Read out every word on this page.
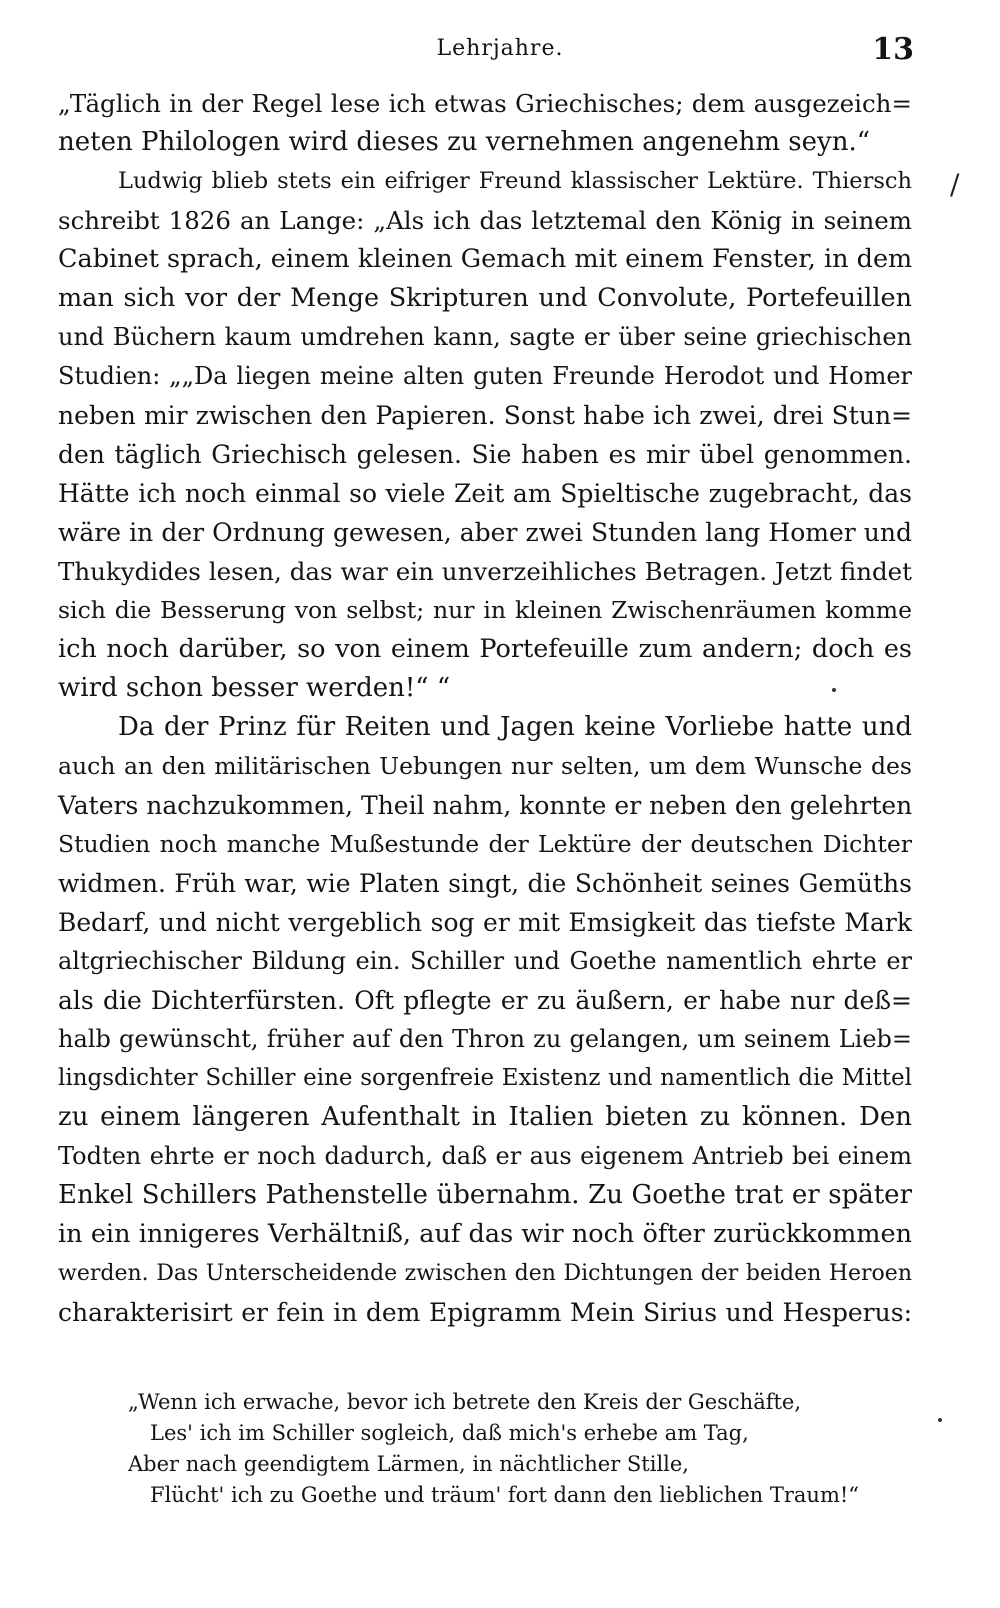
Lehrjahre.	13
/
„Täglich in der Regel lese ich etwas Griechisches; dem ausgezeich=
neten Philologen wird dieses zu vernehmen angenehm seyn.“
Ludwig blieb stets ein eifriger Freund klassischer Lektüre. Thiersch
schreibt 1826 an Lange: „Als ich das letztemal den König in seinem
Cabinet sprach, einem kleinen Gemach mit einem Fenster, in dem
man sich vor der Menge Skripturen und Convolute, Portefeuillen
und Büchern kaum umdrehen kann, sagte er über seine griechischen
Studien: „„Da liegen meine alten guten Freunde Herodot und Homer
neben mir zwischen den Papieren. Sonst habe ich zwei, drei Stun=
den täglich Griechisch gelesen. Sie haben es mir übel genommen.
Hätte ich noch einmal so viele Zeit am Spieltische zugebracht, das
wäre in der Ordnung gewesen, aber zwei Stunden lang Homer und
Thukydides lesen, das war ein unverzeihliches Betragen. Jetzt findet
sich die Besserung von selbst; nur in kleinen Zwischenräumen komme
ich noch darüber, so von einem Portefeuille zum andern; doch es
wird schon besser werden!“ “
Da der Prinz für Reiten und Jagen keine Vorliebe hatte und
auch an den militärischen Uebungen nur selten, um dem Wunsche des
Vaters nachzukommen, Theil nahm, konnte er neben den gelehrten
Studien noch manche Mußestunde der Lektüre der deutschen Dichter
widmen. Früh war, wie Platen singt, die Schönheit seines Gemüths
Bedarf, und nicht vergeblich sog er mit Emsigkeit das tiefste Mark
altgriechischer Bildung ein. Schiller und Goethe namentlich ehrte er
als die Dichterfürsten. Oft pflegte er zu äußern, er habe nur deß=
halb gewünscht, früher auf den Thron zu gelangen, um seinem Lieb=
lingsdichter Schiller eine sorgenfreie Existenz und namentlich die Mittel
zu einem längeren Aufenthalt in Italien bieten zu können. Den
Todten ehrte er noch dadurch, daß er aus eigenem Antrieb bei einem
Enkel Schillers Pathenstelle übernahm. Zu Goethe trat er später
in ein innigeres Verhältniß, auf das wir noch öfter zurückkommen
werden. Das Unterscheidende zwischen den Dichtungen der beiden Heroen
charakterisirt er fein in dem Epigramm Mein Sirius und Hesperus:
„Wenn ich erwache, bevor ich betrete den Kreis der Geschäfte,
Les' ich im Schiller sogleich, daß mich's erhebe am Tag,
Aber nach geendigtem Lärmen, in nächtlicher Stille,
Flücht' ich zu Goethe und träum' fort dann den lieblichen Traum!“
